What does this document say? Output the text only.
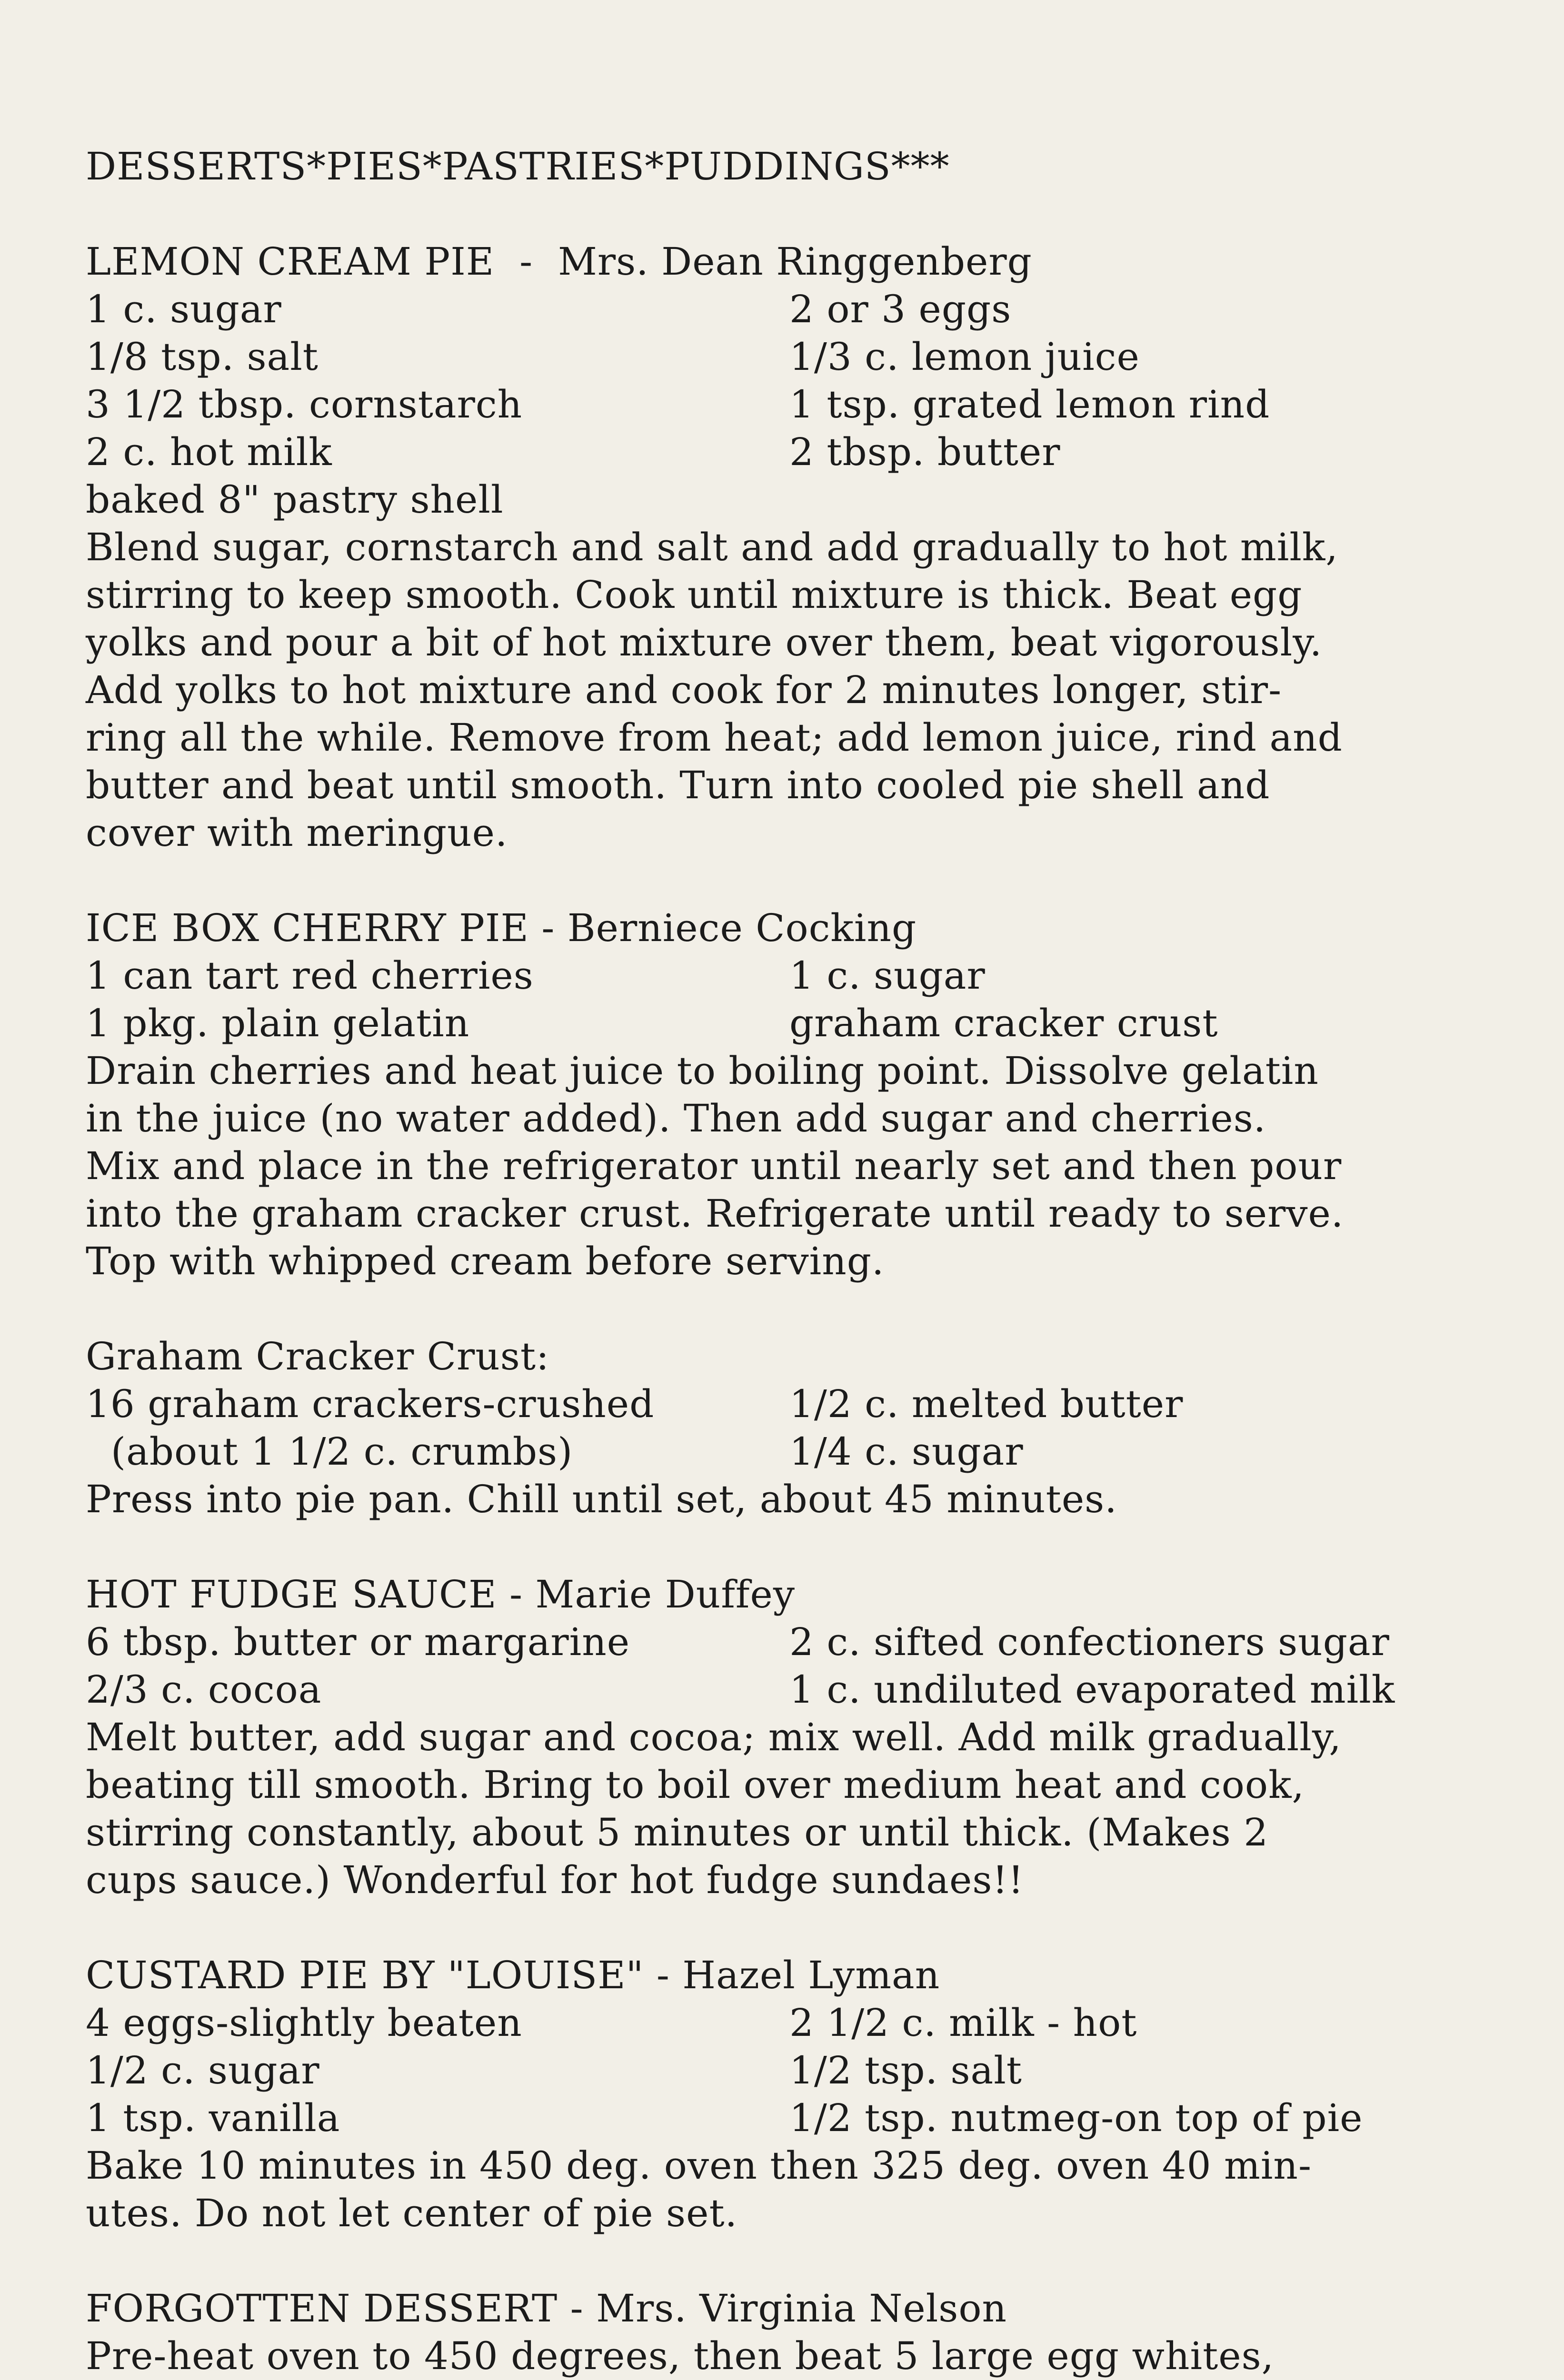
DESSERTS*PIES*PASTRIES*PUDDINGS***
LEMON CREAM PIE  -  Mrs. Dean Ringgenberg
1 c. sugar	2 or 3 eggs
1/8 tsp. salt	1/3 c. lemon juice
3 1/2 tbsp. cornstarch	1 tsp. grated lemon rind
2 c. hot milk	2 tbsp. butter
baked 8" pastry shell
Blend sugar, cornstarch and salt and add gradually to hot milk,
stirring to keep smooth. Cook until mixture is thick. Beat egg
yolks and pour a bit of hot mixture over them, beat vigorously.
Add yolks to hot mixture and cook for 2 minutes longer, stir-
ring all the while. Remove from heat; add lemon juice, rind and
butter and beat until smooth. Turn into cooled pie shell and
cover with meringue.
ICE BOX CHERRY PIE - Berniece Cocking
1 can tart red cherries	1 c. sugar
1 pkg. plain gelatin	graham cracker crust
Drain cherries and heat juice to boiling point. Dissolve gelatin
in the juice (no water added). Then add sugar and cherries.
Mix and place in the refrigerator until nearly set and then pour
into the graham cracker crust. Refrigerate until ready to serve.
Top with whipped cream before serving.
Graham Cracker Crust:
16 graham crackers-crushed	1/2 c. melted butter
(about 1 1/2 c. crumbs)	1/4 c. sugar
Press into pie pan. Chill until set, about 45 minutes.
HOT FUDGE SAUCE - Marie Duffey
6 tbsp. butter or margarine	2 c. sifted confectioners sugar
2/3 c. cocoa	1 c. undiluted evaporated milk
Melt butter, add sugar and cocoa; mix well. Add milk gradually,
beating till smooth. Bring to boil over medium heat and cook,
stirring constantly, about 5 minutes or until thick. (Makes 2
cups sauce.) Wonderful for hot fudge sundaes!!
CUSTARD PIE BY "LOUISE" - Hazel Lyman
4 eggs-slightly beaten	2 1/2 c. milk - hot
1/2 c. sugar	1/2 tsp. salt
1 tsp. vanilla	1/2 tsp. nutmeg-on top of pie
Bake 10 minutes in 450 deg. oven then 325 deg. oven 40 min-
utes. Do not let center of pie set.
FORGOTTEN DESSERT - Mrs. Virginia Nelson
Pre-heat oven to 450 degrees, then beat 5 large egg whites,
